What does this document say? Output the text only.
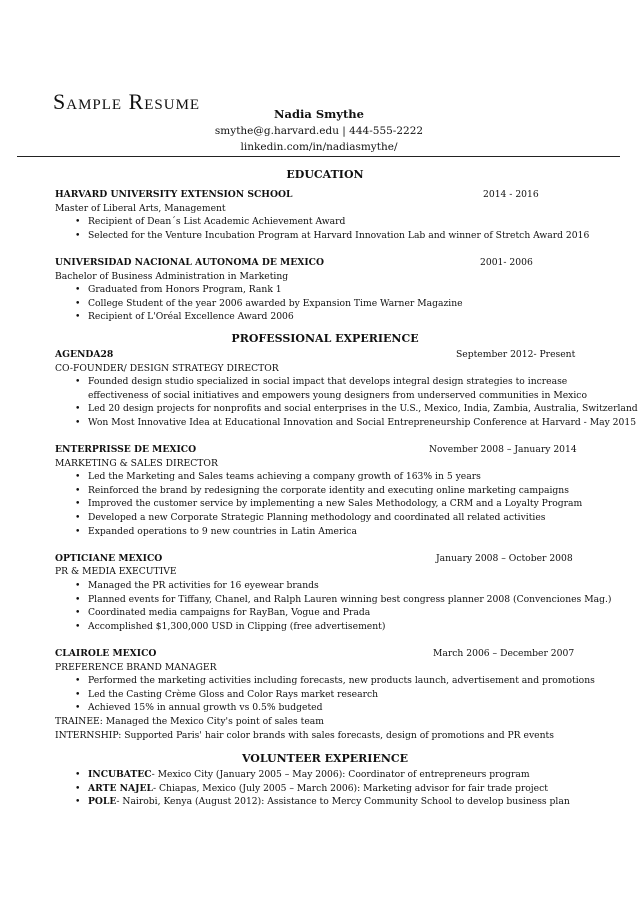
Sample Resume	Nadia Smythe
smythe@g.harvard.edu | 444-555-2222
linkedin.com/in/nadiasmythe/
EDUCATION
HARVARD UNIVERSITY EXTENSION SCHOOL	2014 - 2016
Master of Liberal Arts, Management
• Recipient of Dean´s List Academic Achievement Award
• Selected for the Venture Incubation Program at Harvard Innovation Lab and winner of Stretch Award 2016
UNIVERSIDAD NACIONAL AUTONOMA DE MEXICO	2001- 2006
Bachelor of Business Administration in Marketing
• Graduated from Honors Program, Rank 1
• College Student of the year 2006 awarded by Expansion Time Warner Magazine
• Recipient of L'Oréal Excellence Award 2006
PROFESSIONAL EXPERIENCE
AGENDA28	September 2012- Present
CO-FOUNDER/ DESIGN STRATEGY DIRECTOR
• Founded design studio specialized in social impact that develops integral design strategies to increase effectiveness of social initiatives and empowers young designers from underserved communities in Mexico
• Led 20 design projects for nonprofits and social enterprises in the U.S., Mexico, India, Zambia, Australia, Switzerland
• Won Most Innovative Idea at Educational Innovation and Social Entrepreneurship Conference at Harvard - May 2015
ENTERPRISSE DE MEXICO	November 2008 – January 2014
MARKETING & SALES DIRECTOR
• Led the Marketing and Sales teams achieving a company growth of 163% in 5 years
• Reinforced the brand by redesigning the corporate identity and executing online marketing campaigns
• Improved the customer service by implementing a new Sales Methodology, a CRM and a Loyalty Program
• Developed a new Corporate Strategic Planning methodology and coordinated all related activities
• Expanded operations to 9 new countries in Latin America
OPTICIANE MEXICO	January 2008 – October 2008
PR & MEDIA EXECUTIVE
• Managed the PR activities for 16 eyewear brands
• Planned events for Tiffany, Chanel, and Ralph Lauren winning best congress planner 2008 (Convenciones Mag.)
• Coordinated media campaigns for RayBan, Vogue and Prada
• Accomplished $1,300,000 USD in Clipping (free advertisement)
CLAIROLE MEXICO	March 2006 – December 2007
PREFERENCE BRAND MANAGER
• Performed the marketing activities including forecasts, new products launch, advertisement and promotions
• Led the Casting Crème Gloss and Color Rays market research
• Achieved 15% in annual growth vs 0.5% budgeted
TRAINEE: Managed the Mexico City's point of sales team
INTERNSHIP: Supported Paris' hair color brands with sales forecasts, design of promotions and PR events
VOLUNTEER EXPERIENCE
• INCUBATEC- Mexico City (January 2005 – May 2006): Coordinator of entrepreneurs program
• ARTE NAJEL- Chiapas, Mexico (July 2005 – March 2006): Marketing advisor for fair trade project
• POLE- Nairobi, Kenya (August 2012): Assistance to Mercy Community School to develop business plan
